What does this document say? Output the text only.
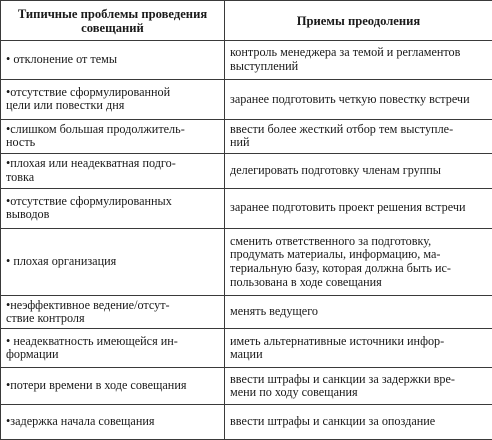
Типичные проблемы проведения совещаний	Приемы преодоления

• отклонение от темы	контроль менеджера за темой и регламентов
выступлений

•отсутствие сформулированной
цели или повестки дня	заранее подготовить четкую повестку встречи

•слишком большая продолжитель-
ность	ввести более жесткий отбор тем выступле-
ний

•плохая или неадекватная подго-
товка	делегировать подготовку членам группы

•отсутствие сформулированных
выводов	заранее подготовить проект решения встречи

• плохая организация	сменить ответственного за подготовку,
продумать материалы, информацию, ма-
териальную базу, которая должна быть ис-
пользована в ходе совещания

•неэффективное ведение/отсут-
ствие контроля	менять ведущего

• неадекватность имеющейся ин-
формации	иметь альтернативные источники инфор-
мации

•потери времени в ходе совещания	ввести штрафы и санкции за задержки вре-
мени по ходу совещания

•задержка начала совещания	ввести штрафы и санкции за опоздание
